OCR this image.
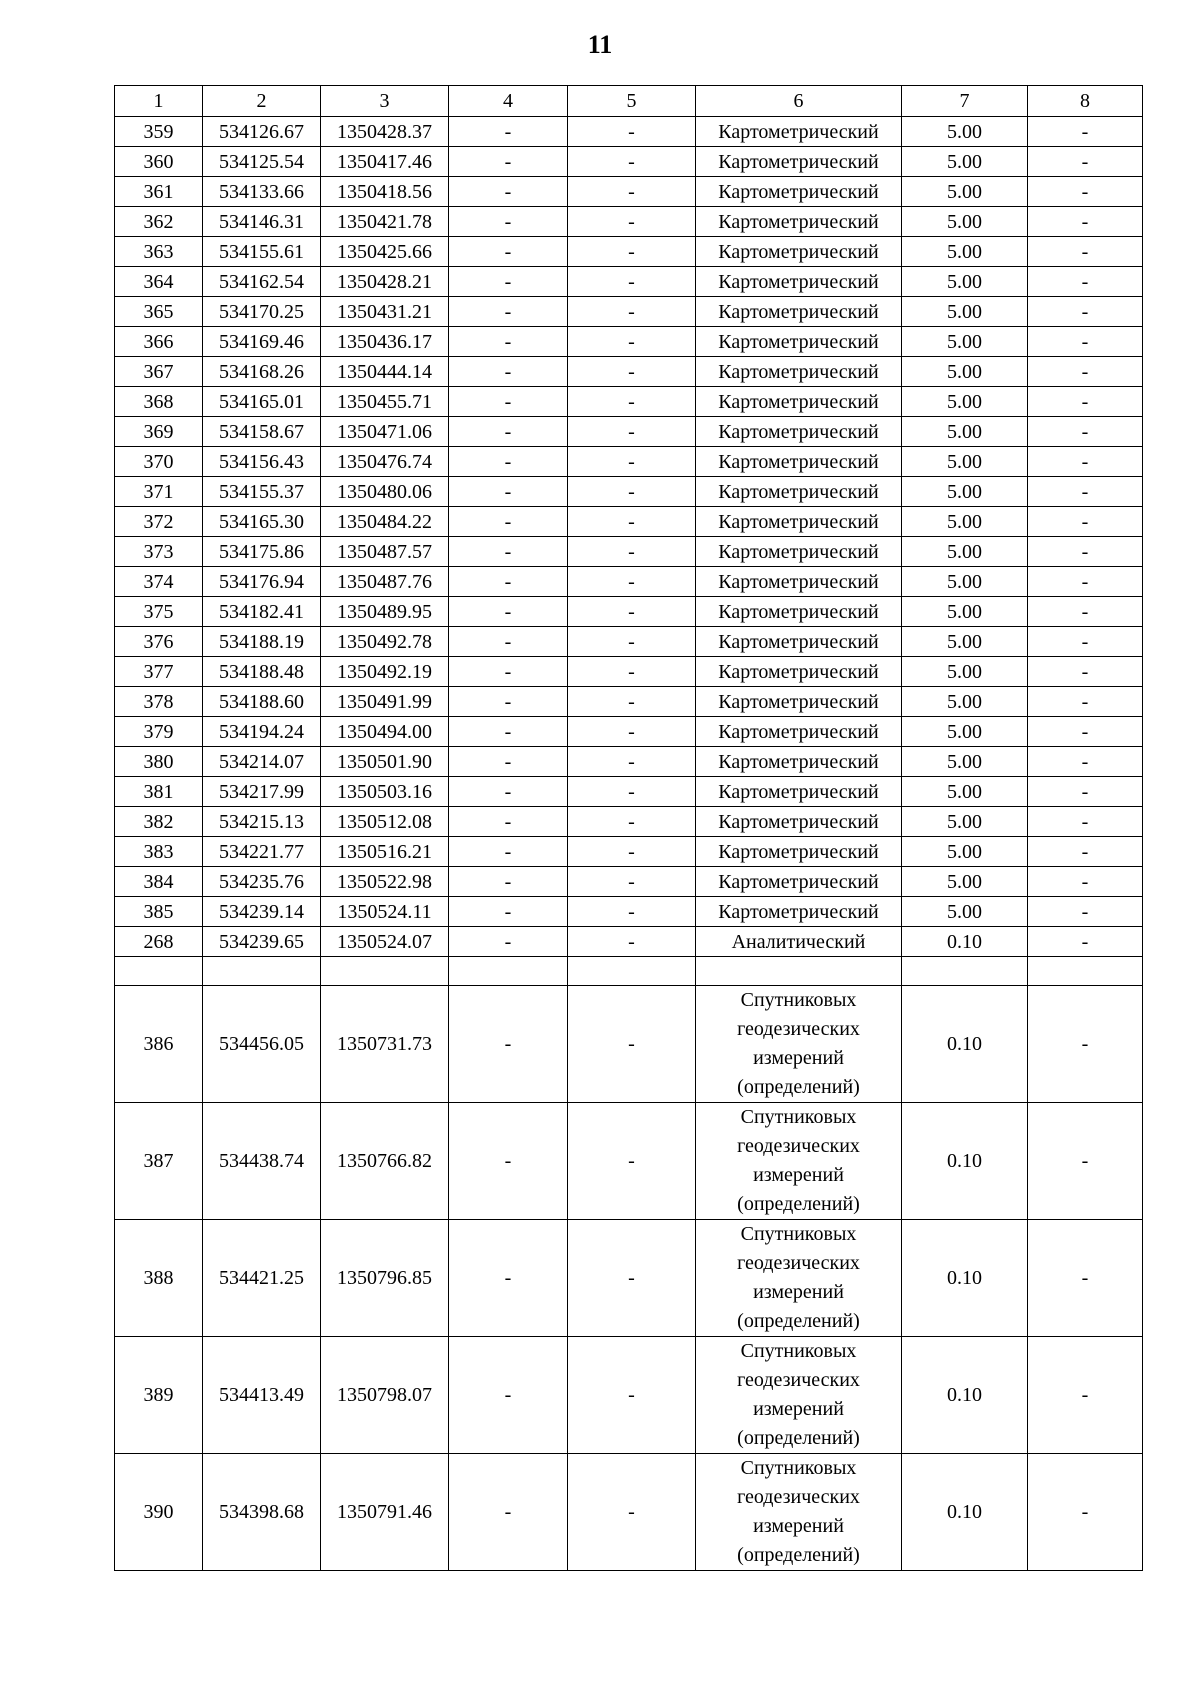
11
1	2	3	4	5	6	7	8
359	534126.67	1350428.37	-	-	Картометрический	5.00	-
360	534125.54	1350417.46	-	-	Картометрический	5.00	-
361	534133.66	1350418.56	-	-	Картометрический	5.00	-
362	534146.31	1350421.78	-	-	Картометрический	5.00	-
363	534155.61	1350425.66	-	-	Картометрический	5.00	-
364	534162.54	1350428.21	-	-	Картометрический	5.00	-
365	534170.25	1350431.21	-	-	Картометрический	5.00	-
366	534169.46	1350436.17	-	-	Картометрический	5.00	-
367	534168.26	1350444.14	-	-	Картометрический	5.00	-
368	534165.01	1350455.71	-	-	Картометрический	5.00	-
369	534158.67	1350471.06	-	-	Картометрический	5.00	-
370	534156.43	1350476.74	-	-	Картометрический	5.00	-
371	534155.37	1350480.06	-	-	Картометрический	5.00	-
372	534165.30	1350484.22	-	-	Картометрический	5.00	-
373	534175.86	1350487.57	-	-	Картометрический	5.00	-
374	534176.94	1350487.76	-	-	Картометрический	5.00	-
375	534182.41	1350489.95	-	-	Картометрический	5.00	-
376	534188.19	1350492.78	-	-	Картометрический	5.00	-
377	534188.48	1350492.19	-	-	Картометрический	5.00	-
378	534188.60	1350491.99	-	-	Картометрический	5.00	-
379	534194.24	1350494.00	-	-	Картометрический	5.00	-
380	534214.07	1350501.90	-	-	Картометрический	5.00	-
381	534217.99	1350503.16	-	-	Картометрический	5.00	-
382	534215.13	1350512.08	-	-	Картометрический	5.00	-
383	534221.77	1350516.21	-	-	Картометрический	5.00	-
384	534235.76	1350522.98	-	-	Картометрический	5.00	-
385	534239.14	1350524.11	-	-	Картометрический	5.00	-
268	534239.65	1350524.07	-	-	Аналитический	0.10	-

386	534456.05	1350731.73	-	-	Спутниковых
геодезических
измерений
(определений)	0.10	-
387	534438.74	1350766.82	-	-	Спутниковых
геодезических
измерений
(определений)	0.10	-
388	534421.25	1350796.85	-	-	Спутниковых
геодезических
измерений
(определений)	0.10	-
389	534413.49	1350798.07	-	-	Спутниковых
геодезических
измерений
(определений)	0.10	-
390	534398.68	1350791.46	-	-	Спутниковых
геодезических
измерений
(определений)	0.10	-
